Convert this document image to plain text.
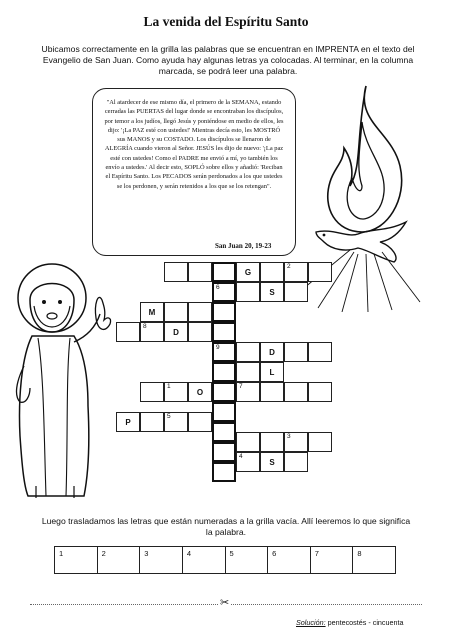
La venida del Espíritu Santo
Ubicamos correctamente en la grilla las palabras que se encuentran en IMPRENTA en el texto del Evangelio de San Juan. Como ayuda hay algunas letras ya colocadas. Al terminar, en la columna marcada, se podrá leer una palabra.
"Al atardecer de ese mismo día, el primero de la SEMANA, estando cerradas las PUERTAS del lugar donde se encontraban los discípulos, por temor a los judíos, llegó Jesús y poniéndose en medio de ellos, les dijo: '¡La PAZ esté con ustedes!' Mientras decía esto, les MOSTRÓ sus MANOS y su COSTADO. Los discípulos se llenaron de ALEGRÍA cuando vieron al Señor. JESÚS les dijo de nuevo: '¡La paz esté con ustedes! Como el PADRE me envió a mí, yo también los envío a ustedes.' Al decir esto, SOPLÓ sobre ellos y añadió: 'Reciban el Espíritu Santo. Los PECADOS serán perdonados a los que ustedes se los perdonen, y serán retenidos a los que se los retengan".
San Juan 20, 19-23
6
9
G
2
S
M
8
D
D
L
1
O
7
P
5
3
4
S
Luego trasladamos las letras que están numeradas a la grilla vacía. Allí leeremos lo que significa la palabra.
1	2	3	4	5	6	7	8
✂
Solución: pentecostés - cincuenta
